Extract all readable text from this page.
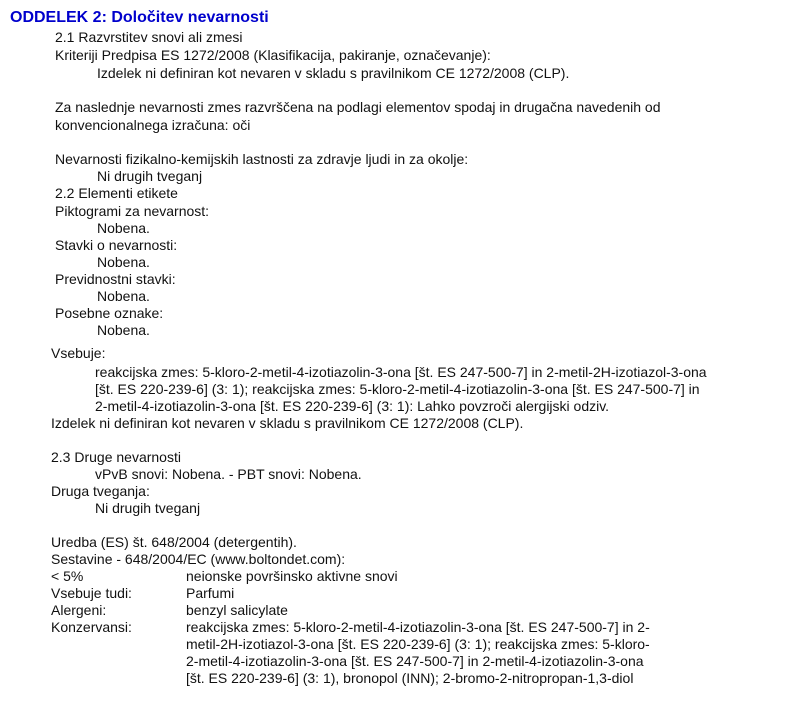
ODDELEK 2: Določitev nevarnosti
2.1 Razvrstitev snovi ali zmesi
Kriteriji Predpisa ES 1272/2008 (Klasifikacija, pakiranje, označevanje):
Izdelek ni definiran kot nevaren v skladu s pravilnikom CE 1272/2008 (CLP).
Za naslednje nevarnosti zmes razvrščena na podlagi elementov spodaj in drugačna navedenih od
konvencionalnega izračuna: oči
Nevarnosti fizikalno-kemijskih lastnosti za zdravje ljudi in za okolje:
Ni drugih tveganj
2.2 Elementi etikete
Piktogrami za nevarnost:
Nobena.
Stavki o nevarnosti:
Nobena.
Previdnostni stavki:
Nobena.
Posebne oznake:
Nobena.
Vsebuje:
reakcijska zmes: 5-kloro-2-metil-4-izotiazolin-3-ona [št. ES 247-500-7] in 2-metil-2H-izotiazol-3-ona
[št. ES 220-239-6] (3: 1); reakcijska zmes: 5-kloro-2-metil-4-izotiazolin-3-ona [št. ES 247-500-7] in
2-metil-4-izotiazolin-3-ona [št. ES 220-239-6] (3: 1): Lahko povzroči alergijski odziv.
Izdelek ni definiran kot nevaren v skladu s pravilnikom CE 1272/2008 (CLP).
2.3 Druge nevarnosti
vPvB snovi: Nobena. - PBT snovi: Nobena.
Druga tveganja:
Ni drugih tveganj
Uredba (ES) št. 648/2004 (detergentih).
Sestavine - 648/2004/EC (www.boltondet.com):
< 5%	neionske površinsko aktivne snovi
Vsebuje tudi:	Parfumi
Alergeni:	benzyl salicylate
Konzervansi:	reakcijska zmes: 5-kloro-2-metil-4-izotiazolin-3-ona [št. ES 247-500-7] in 2-
metil-2H-izotiazol-3-ona [št. ES 220-239-6] (3: 1); reakcijska zmes: 5-kloro-
2-metil-4-izotiazolin-3-ona [št. ES 247-500-7] in 2-metil-4-izotiazolin-3-ona
[št. ES 220-239-6] (3: 1), bronopol (INN); 2-bromo-2-nitropropan-1,3-diol
